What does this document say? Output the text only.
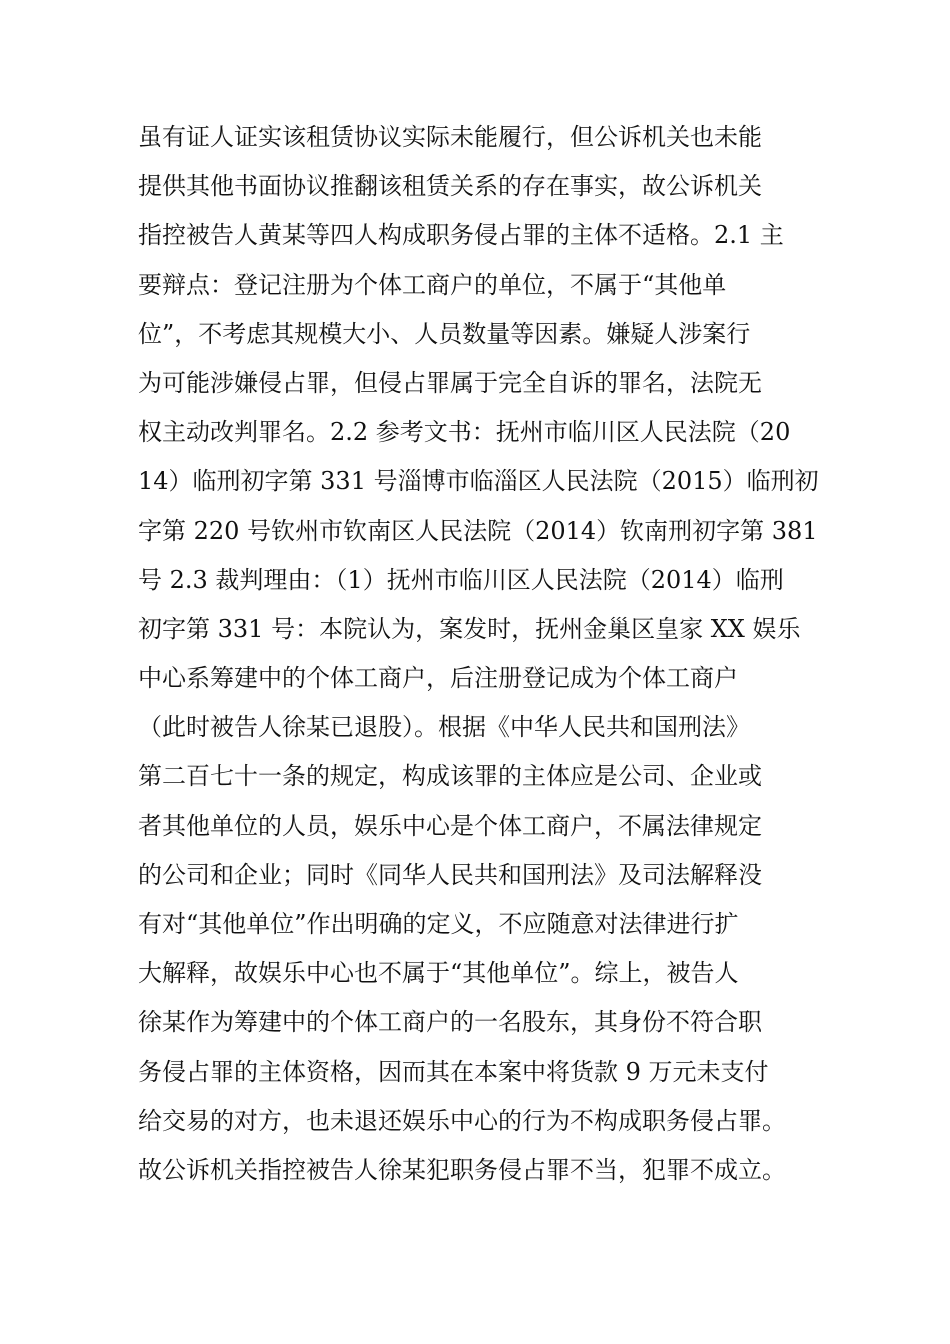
虽有证人证实该租赁协议实际未能履行，但公诉机关也未能
提供其他书面协议推翻该租赁关系的存在事实，故公诉机关
指控被告人黄某等四人构成职务侵占罪的主体不适格。2.1 主
要辩点：登记注册为个体工商户的单位，不属于“其他单
位”，不考虑其规模大小、人员数量等因素。嫌疑人涉案行
为可能涉嫌侵占罪，但侵占罪属于完全自诉的罪名，法院无
权主动改判罪名。2.2 参考文书：抚州市临川区人民法院（20
14）临刑初字第 331 号淄博市临淄区人民法院（2015）临刑初
字第 220 号钦州市钦南区人民法院（2014）钦南刑初字第 381
号 2.3 裁判理由：（1）抚州市临川区人民法院（2014）临刑
初字第 331 号：本院认为，案发时，抚州金巢区皇家 XX 娱乐
中心系筹建中的个体工商户，后注册登记成为个体工商户
（此时被告人徐某已退股）。根据《中华人民共和国刑法》
第二百七十一条的规定，构成该罪的主体应是公司、企业或
者其他单位的人员，娱乐中心是个体工商户，不属法律规定
的公司和企业；同时《同华人民共和国刑法》及司法解释没
有对“其他单位”作出明确的定义，不应随意对法律进行扩
大解释，故娱乐中心也不属于“其他单位”。综上，被告人
徐某作为筹建中的个体工商户的一名股东，其身份不符合职
务侵占罪的主体资格，因而其在本案中将货款 9 万元未支付
给交易的对方，也未退还娱乐中心的行为不构成职务侵占罪。
故公诉机关指控被告人徐某犯职务侵占罪不当，犯罪不成立。
